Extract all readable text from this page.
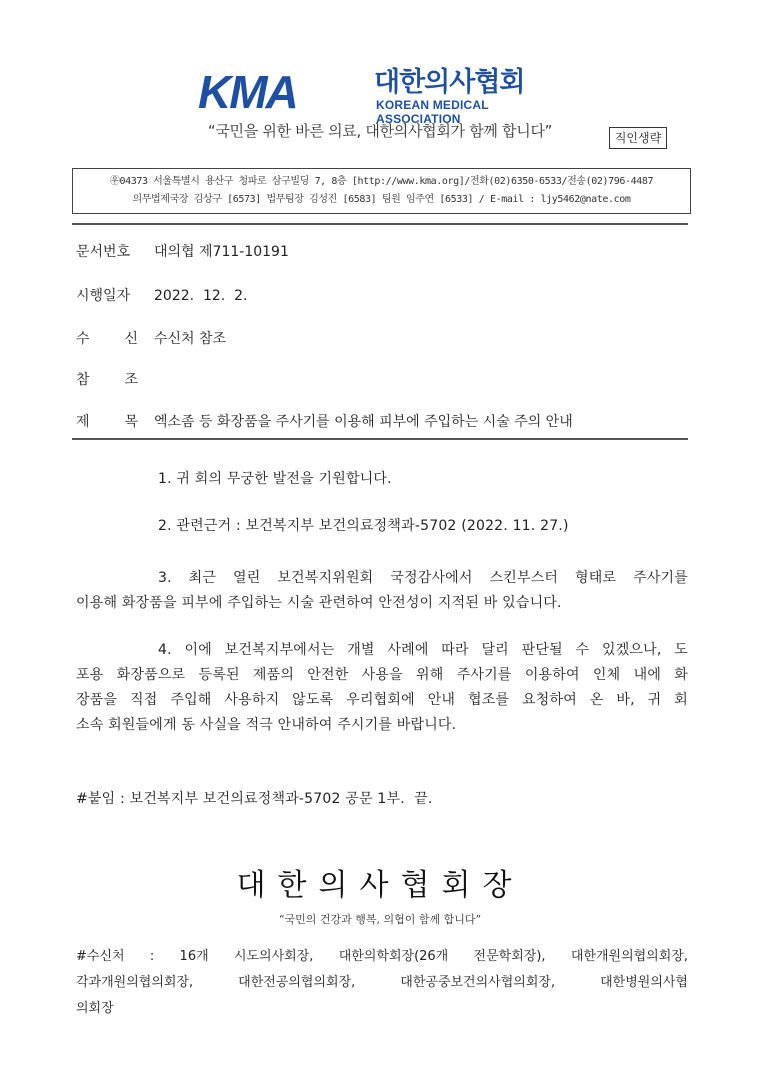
KMA	대한의사협회
KOREAN MEDICAL ASSOCIATION
“국민을 위한 바른 의료, 대한의사협회가 함께 합니다”	직인생략
㉾04373 서울특별시 용산구 청파로 삼구빌딩 7, 8층 [http://www.kma.org]/전화(02)6350-6533/전송(02)796-4487
의무법제국장 김상구 [6573] 법무팀장 김성진 [6583] 팀원 임주연 [6533] / E-mail : ljy5462@nate.com
문서번호 대의협 제711-10191
시행일자 2022.  12.  2.
수 신 수신처 참조
참 조
제 목 엑소좀 등 화장품을 주사기를 이용해 피부에 주입하는 시술 주의 안내
1. 귀 회의 무궁한 발전을 기원합니다.
2. 관련근거 : 보건복지부 보건의료정책과-5702 (2022. 11. 27.)
3. 최근 열린 보건복지위원회 국정감사에서 스킨부스터 형태로 주사기를
이용해 화장품을 피부에 주입하는 시술 관련하여 안전성이 지적된 바 있습니다.
4. 이에 보건복지부에서는 개별 사례에 따라 달리 판단될 수 있겠으나, 도
포용 화장품으로 등록된 제품의 안전한 사용을 위해 주사기를 이용하여 인체 내에 화
장품을 직접 주입해 사용하지 않도록 우리협회에 안내 협조를 요청하여 온 바, 귀 회
소속 회원들에게 동 사실을 적극 안내하여 주시기를 바랍니다.
#붙임 : 보건복지부 보건의료정책과-5702 공문 1부.  끝.
대한의사협회장
“국민의 건강과 행복, 의협이 함께 합니다”
#수신처 : 16개 시도의사회장, 대한의학회장(26개 전문학회장), 대한개원의협의회장,
각과개원의협의회장, 대한전공의협의회장, 대한공중보건의사협의회장, 대한병원의사협
의회장
